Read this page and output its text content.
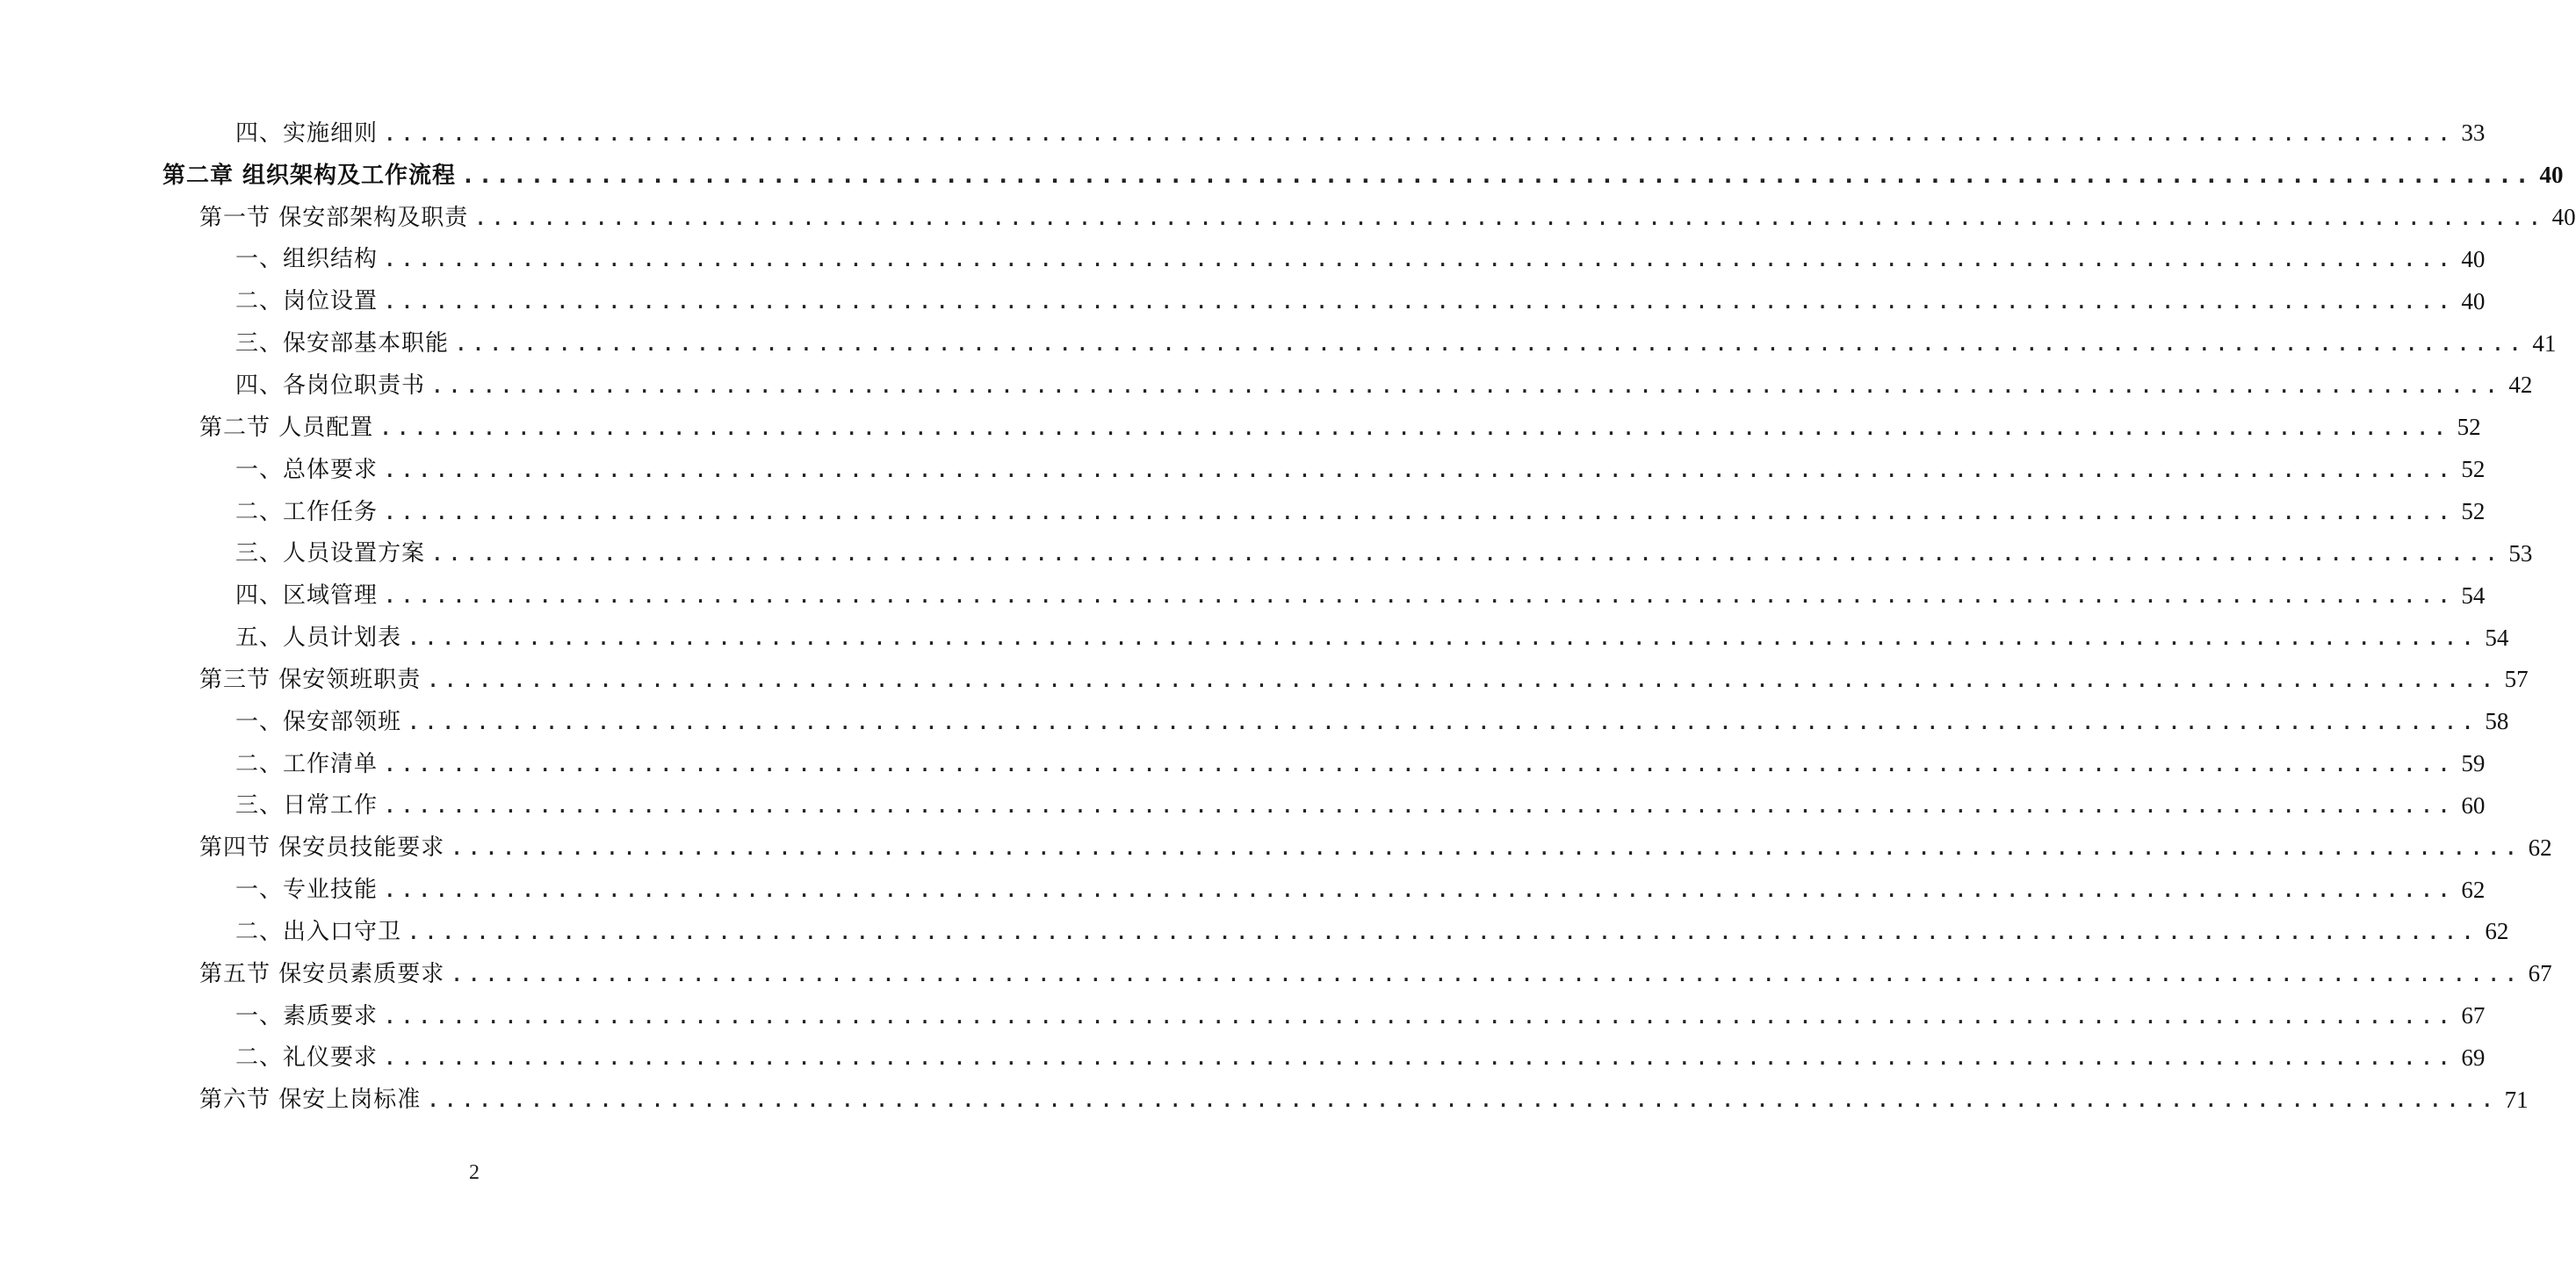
四、实施细则 ........................................................................................................................ 33
第二章 组织架构及工作流程 ........................................................................................................................ 40
第一节 保安部架构及职责 ........................................................................................................................ 40
一、组织结构 ........................................................................................................................ 40
二、岗位设置 ........................................................................................................................ 40
三、保安部基本职能 ........................................................................................................................ 41
四、各岗位职责书 ........................................................................................................................ 42
第二节 人员配置 ........................................................................................................................ 52
一、总体要求 ........................................................................................................................ 52
二、工作任务 ........................................................................................................................ 52
三、人员设置方案 ........................................................................................................................ 53
四、区域管理 ........................................................................................................................ 54
五、人员计划表 ........................................................................................................................ 54
第三节 保安领班职责 ........................................................................................................................ 57
一、保安部领班 ........................................................................................................................ 58
二、工作清单 ........................................................................................................................ 59
三、日常工作 ........................................................................................................................ 60
第四节 保安员技能要求 ........................................................................................................................ 62
一、专业技能 ........................................................................................................................ 62
二、出入口守卫 ........................................................................................................................ 62
第五节 保安员素质要求 ........................................................................................................................ 67
一、素质要求 ........................................................................................................................ 67
二、礼仪要求 ........................................................................................................................ 69
第六节 保安上岗标准 ........................................................................................................................ 71
2
